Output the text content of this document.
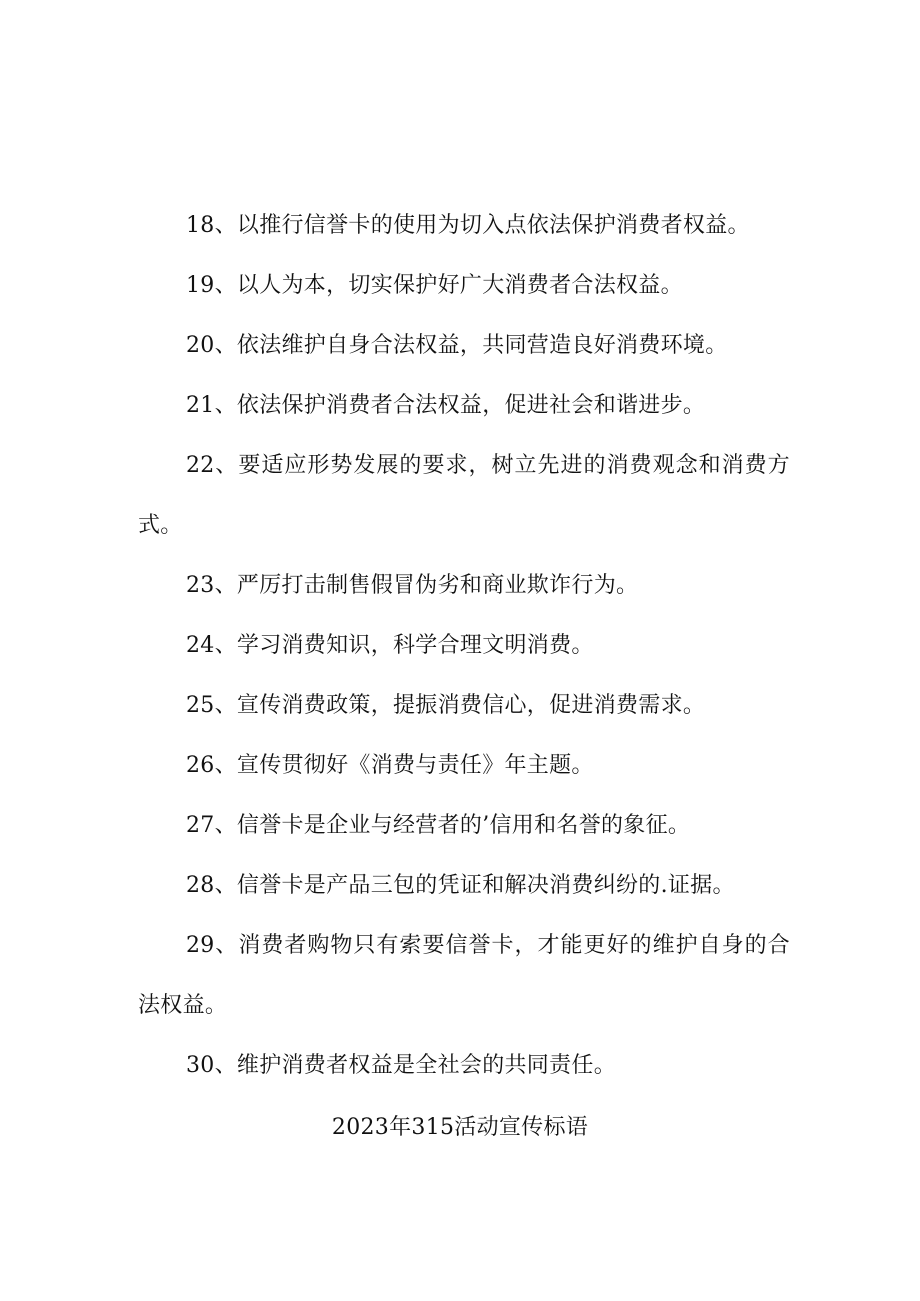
18、以推行信誉卡的使用为切入点依法保护消费者权益。

19、以人为本，切实保护好广大消费者合法权益。

20、依法维护自身合法权益，共同营造良好消费环境。

21、依法保护消费者合法权益，促进社会和谐进步。

22、要适应形势发展的要求，树立先进的消费观念和消费方式。

23、严厉打击制售假冒伪劣和商业欺诈行为。

24、学习消费知识，科学合理文明消费。

25、宣传消费政策，提振消费信心，促进消费需求。

26、宣传贯彻好《消费与责任》年主题。

27、信誉卡是企业与经营者的’信用和名誉的象征。

28、信誉卡是产品三包的凭证和解决消费纠纷的.证据。

29、消费者购物只有索要信誉卡，才能更好的维护自身的合法权益。

30、维护消费者权益是全社会的共同责任。

2023年315活动宣传标语
